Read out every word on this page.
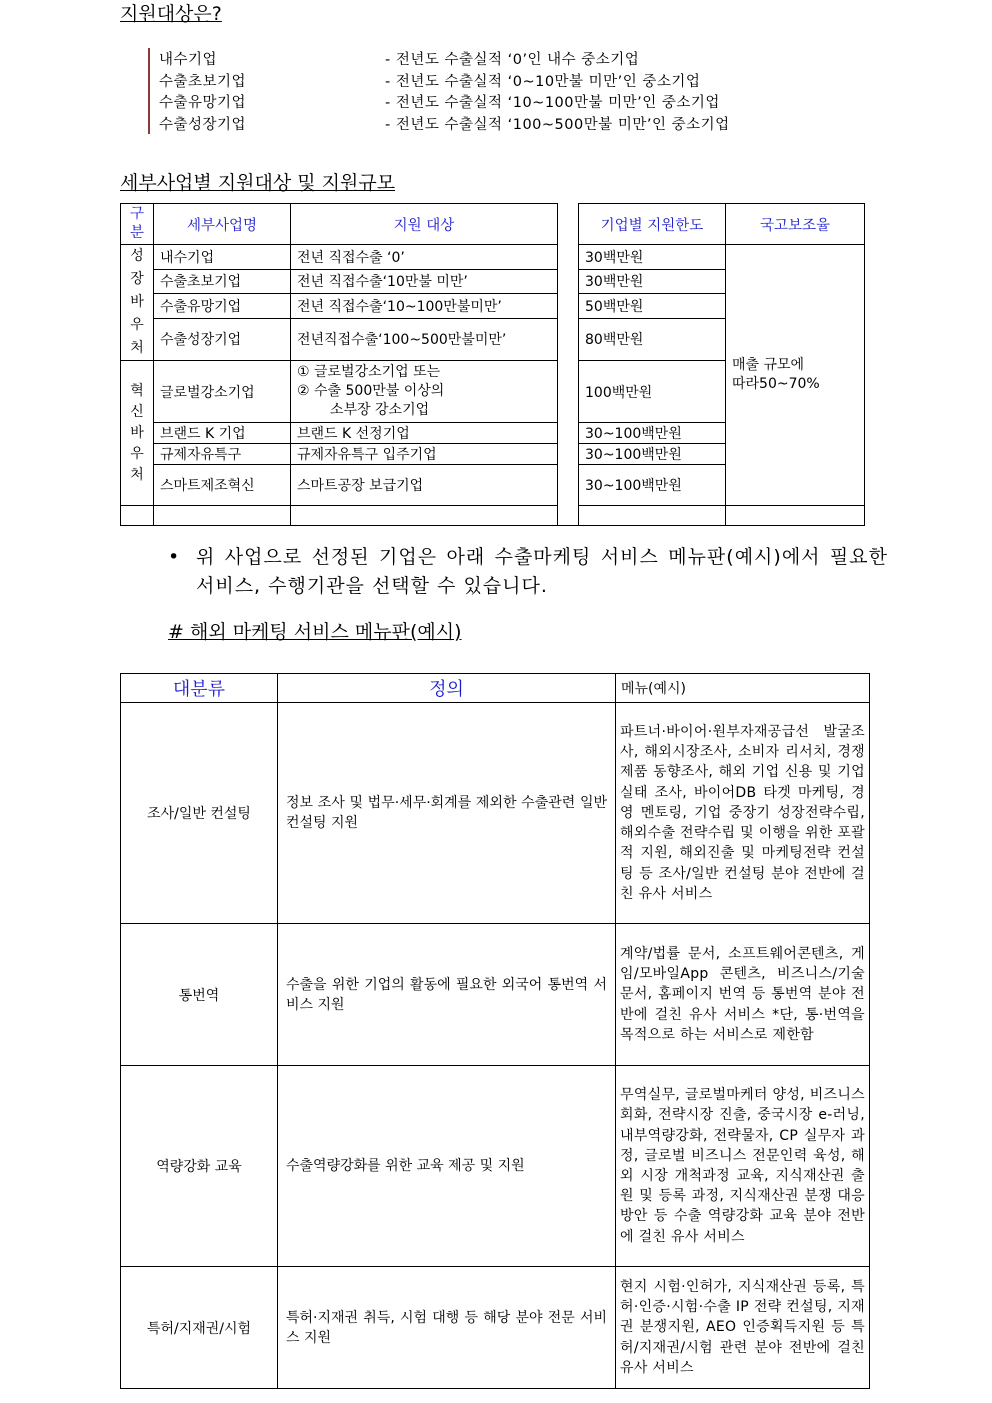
지원대상은?
내수기업	- 전년도 수출실적 ‘0’인 내수 중소기업
수출초보기업	- 전년도 수출실적 ‘0~10만불 미만’인 중소기업
수출유망기업	- 전년도 수출실적 ‘10~100만불 미만’인 중소기업
수출성장기업	- 전년도 수출실적 ‘100~500만불 미만’인 중소기업
세부사업별 지원대상 및 지원규모
구분	세부사업명	지원 대상		기업별 지원한도	국고보조율

성장바우처	내수기업	전년 직접수출 ‘0’		30백만원	매출 규모에
따라50~70%
	수출초보기업	전년 직접수출‘10만불 미만’		30백만원	
	수출유망기업	전년 직접수출‘10~100만불미만’		50백만원	
	수출성장기업	전년직접수출‘100~500만불미만’		80백만원	

혁신바우처	글로벌강소기업	① 글로벌강소기업 또는
② 수출 500만불 이상의
소부장 강소기업		100백만원	
	브랜드 K 기업	브랜드 K 선정기업		30~100백만원	
	규제자유특구	규제자유특구 입주기업		30~100백만원	
	스마트제조혁신	스마트공장 보급기업		30~100백만원	

• 위 사업으로 선정된 기업은 아래 수출마케팅 서비스 메뉴판(예시)에서 필요한 서비스, 수행기관을 선택할 수 있습니다.
# 해외 마케팅 서비스 메뉴판(예시)
대분류	정의	메뉴(예시)
조사/일반 컨설팅	정보 조사 및 법무·세무·회계를 제외한 수출관련 일반 컨설팅 지원	파트너·바이어·원부자재공급선 발굴조사, 해외시장조사, 소비자 리서치, 경쟁제품 동향조사, 해외 기업 신용 및 기업실태 조사, 바이어DB 타겟 마케팅, 경영 멘토링, 기업 중장기 성장전략수립, 해외수출 전략수립 및 이행을 위한 포괄적 지원, 해외진출 및 마케팅전략 컨설팅 등 조사/일반 컨설팅 분야 전반에 걸친 유사 서비스
통번역	수출을 위한 기업의 활동에 필요한 외국어 통번역 서비스 지원	계약/법률 문서, 소프트웨어콘텐츠, 게임/모바일App 콘텐츠, 비즈니스/기술문서, 홈페이지 번역 등 통번역 분야 전반에 걸친 유사 서비스 *단, 통·번역을 목적으로 하는 서비스로 제한함
역량강화 교육	수출역량강화를 위한 교육 제공 및 지원	무역실무, 글로벌마케터 양성, 비즈니스 회화, 전략시장 진출, 중국시장 e-러닝, 내부역량강화, 전략물자, CP 실무자 과정, 글로벌 비즈니스 전문인력 육성, 해외 시장 개척과정 교육, 지식재산권 출원 및 등록 과정, 지식재산권 분쟁 대응방안 등 수출 역량강화 교육 분야 전반에 걸친 유사 서비스
특허/지재권/시험	특허·지재권 취득, 시험 대행 등 해당 분야 전문 서비스 지원	현지 시험·인허가, 지식재산권 등록, 특허·인증·시험·수출 IP 전략 컨설팅, 지재권 분쟁지원, AEO 인증획득지원 등 특허/지재권/시험 관련 분야 전반에 걸친 유사 서비스
